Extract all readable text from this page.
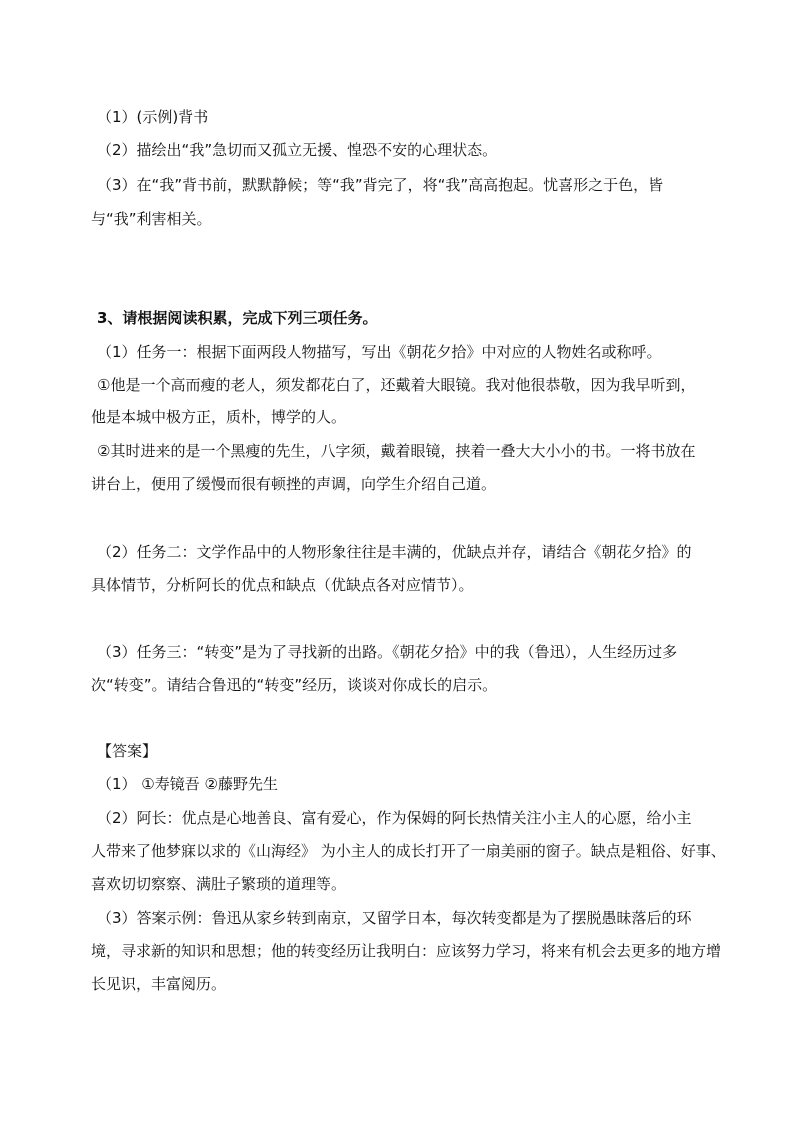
（1）(示例)背书
（2）描绘出“我”急切而又孤立无援、惶恐不安的心理状态。
（3）在“我”背书前，默默静候；等“我”背完了，将“我”高高抱起。忧喜形之于色，皆
与“我”利害相关。
3、请根据阅读积累，完成下列三项任务。
（1）任务一：根据下面两段人物描写，写出《朝花夕拾》中对应的人物姓名或称呼。
①他是一个高而瘦的老人，须发都花白了，还戴着大眼镜。我对他很恭敬，因为我早听到，
他是本城中极方正，质朴，博学的人。
②其时进来的是一个黑瘦的先生，八字须，戴着眼镜，挟着一叠大大小小的书。一将书放在
讲台上，便用了缓慢而很有顿挫的声调，向学生介绍自己道。
（2）任务二：文学作品中的人物形象往往是丰满的，优缺点并存，请结合《朝花夕拾》的
具体情节，分析阿长的优点和缺点（优缺点各对应情节）。
（3）任务三：“转变”是为了寻找新的出路。《朝花夕拾》中的我（鲁迅），人生经历过多
次“转变”。请结合鲁迅的“转变”经历，谈谈对你成长的启示。
【答案】
（1） ①寿镜吾 ②藤野先生
（2）阿长：优点是心地善良、富有爱心，作为保姆的阿长热情关注小主人的心愿，给小主
人带来了他梦寐以求的《山海经》 为小主人的成长打开了一扇美丽的窗子。缺点是粗俗、好事、
喜欢切切察察、满肚子繁琐的道理等。
（3）答案示例：鲁迅从家乡转到南京，又留学日本，每次转变都是为了摆脱愚昧落后的环
境，寻求新的知识和思想；他的转变经历让我明白：应该努力学习，将来有机会去更多的地方增
长见识，丰富阅历。
